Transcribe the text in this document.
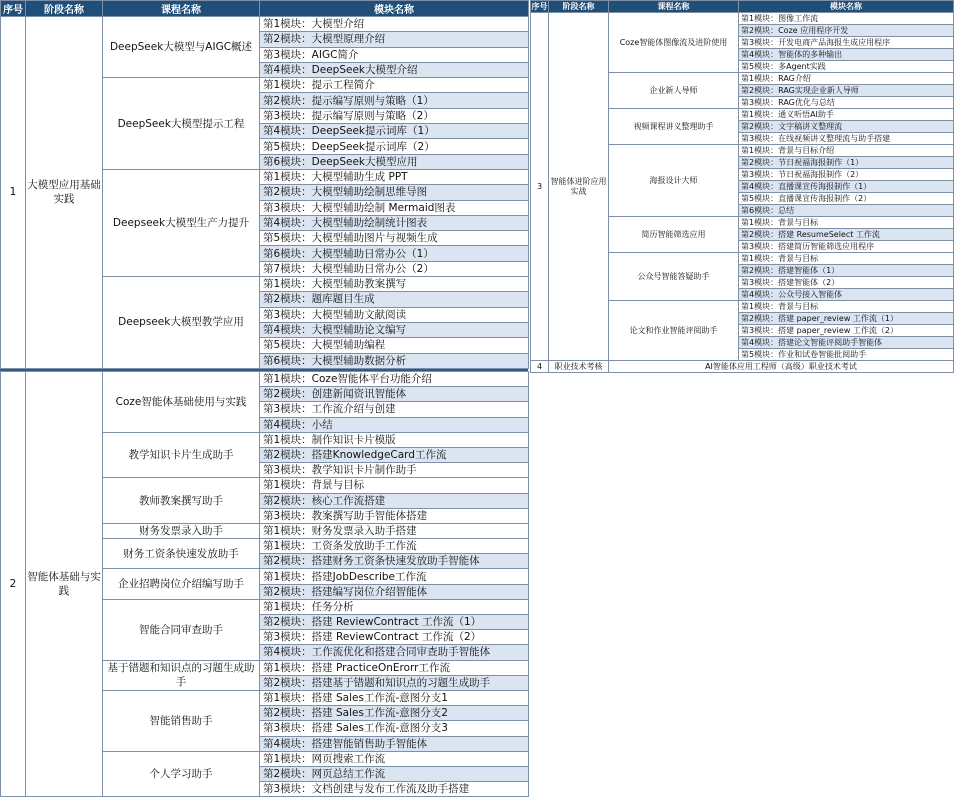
序号	阶段名称	课程名称	模块名称
1	大模型应用基础实践	DeepSeek大模型与AIGC概述	第1模块：大模型介绍
			第2模块：大模型原理介绍
			第3模块：AIGC简介
			第4模块：DeepSeek大模型介绍
		DeepSeek大模型提示工程	第1模块：提示工程简介
			第2模块：提示编写原则与策略（1）
			第3模块：提示编写原则与策略（2）
			第4模块：DeepSeek提示词库（1）
			第5模块：DeepSeek提示词库（2）
			第6模块：DeepSeek大模型应用
		Deepseek大模型生产力提升	第1模块：大模型辅助生成 PPT
			第2模块：大模型辅助绘制思维导图
			第3模块：大模型辅助绘制 Mermaid图表
			第4模块：大模型辅助绘制统计图表
			第5模块：大模型辅助图片与视频生成
			第6模块：大模型辅助日常办公（1）
			第7模块：大模型辅助日常办公（2）
		Deepseek大模型教学应用	第1模块：大模型辅助教案撰写
			第2模块：题库题目生成
			第3模块：大模型辅助文献阅读
			第4模块：大模型辅助论文编写
			第5模块：大模型辅助编程
			第6模块：大模型辅助数据分析
2	智能体基础与实践	Coze智能体基础使用与实践	第1模块：Coze智能体平台功能介绍
			第2模块：创建新闻资讯智能体
			第3模块：工作流介绍与创建
			第4模块：小结
		教学知识卡片生成助手	第1模块：制作知识卡片模版
			第2模块：搭建KnowledgeCard工作流
			第3模块：教学知识卡片制作助手
		教师教案撰写助手	第1模块：背景与目标
			第2模块：核心工作流搭建
			第3模块：教案撰写助手智能体搭建
		财务发票录入助手	第1模块：财务发票录入助手搭建
		财务工资条快速发放助手	第1模块：工资条发放助手工作流
			第2模块：搭建财务工资条快速发放助手智能体
		企业招聘岗位介绍编写助手	第1模块：搭建JobDescribe工作流
			第2模块：搭建编写岗位介绍智能体
		智能合同审查助手	第1模块：任务分析
			第2模块：搭建 ReviewContract 工作流（1）
			第3模块：搭建 ReviewContract 工作流（2）
			第4模块：工作流优化和搭建合同审查助手智能体
		基于错题和知识点的习题生成助手	第1模块：搭建 PracticeOnErorr工作流
			第2模块：搭建基于错题和知识点的习题生成助手
		智能销售助手	第1模块：搭建 Sales工作流-意图分支1
			第2模块：搭建 Sales工作流-意图分支2
			第3模块：搭建 Sales工作流-意图分支3
			第4模块：搭建智能销售助手智能体
		个人学习助手	第1模块：网页搜索工作流
			第2模块：网页总结工作流
			第3模块：文档创建与发布工作流及助手搭建
序号	阶段名称	课程名称	模块名称
3	智能体进阶应用实战	Coze智能体图像流及进阶使用	第1模块：图像工作流
			第2模块：Coze 应用程序开发
			第3模块：开发电商产品海报生成应用程序
			第4模块：智能体的多种输出
			第5模块：多Agent实践
		企业新人导师	第1模块：RAG介绍
			第2模块：RAG实现企业新人导师
			第3模块：RAG优化与总结
		视频课程讲义整理助手	第1模块：通义听悟AI助手
			第2模块：文字稿讲义整理流
			第3模块：在线视频讲义整理流与助手搭建
		海报设计大师	第1模块：背景与目标介绍
			第2模块：节日祝福海报制作（1）
			第3模块：节日祝福海报制作（2）
			第4模块：直播课宣传海报制作（1）
			第5模块：直播课宣传海报制作（2）
			第6模块：总结
		简历智能筛选应用	第1模块：背景与目标
			第2模块：搭建 ResumeSelect 工作流
			第3模块：搭建简历智能筛选应用程序
		公众号智能答疑助手	第1模块：背景与目标
			第2模块：搭建智能体（1）
			第3模块：搭建智能体（2）
			第4模块：公众号接入智能体
		论文和作业智能评阅助手	第1模块：背景与目标
			第2模块：搭建 paper_review 工作流（1）
			第3模块：搭建 paper_review 工作流（2）
			第4模块：搭建论文智能评阅助手智能体
			第5模块：作业和试卷智能批阅助手
4	职业技术考核	AI智能体应用工程师（高级）职业技术考试	
